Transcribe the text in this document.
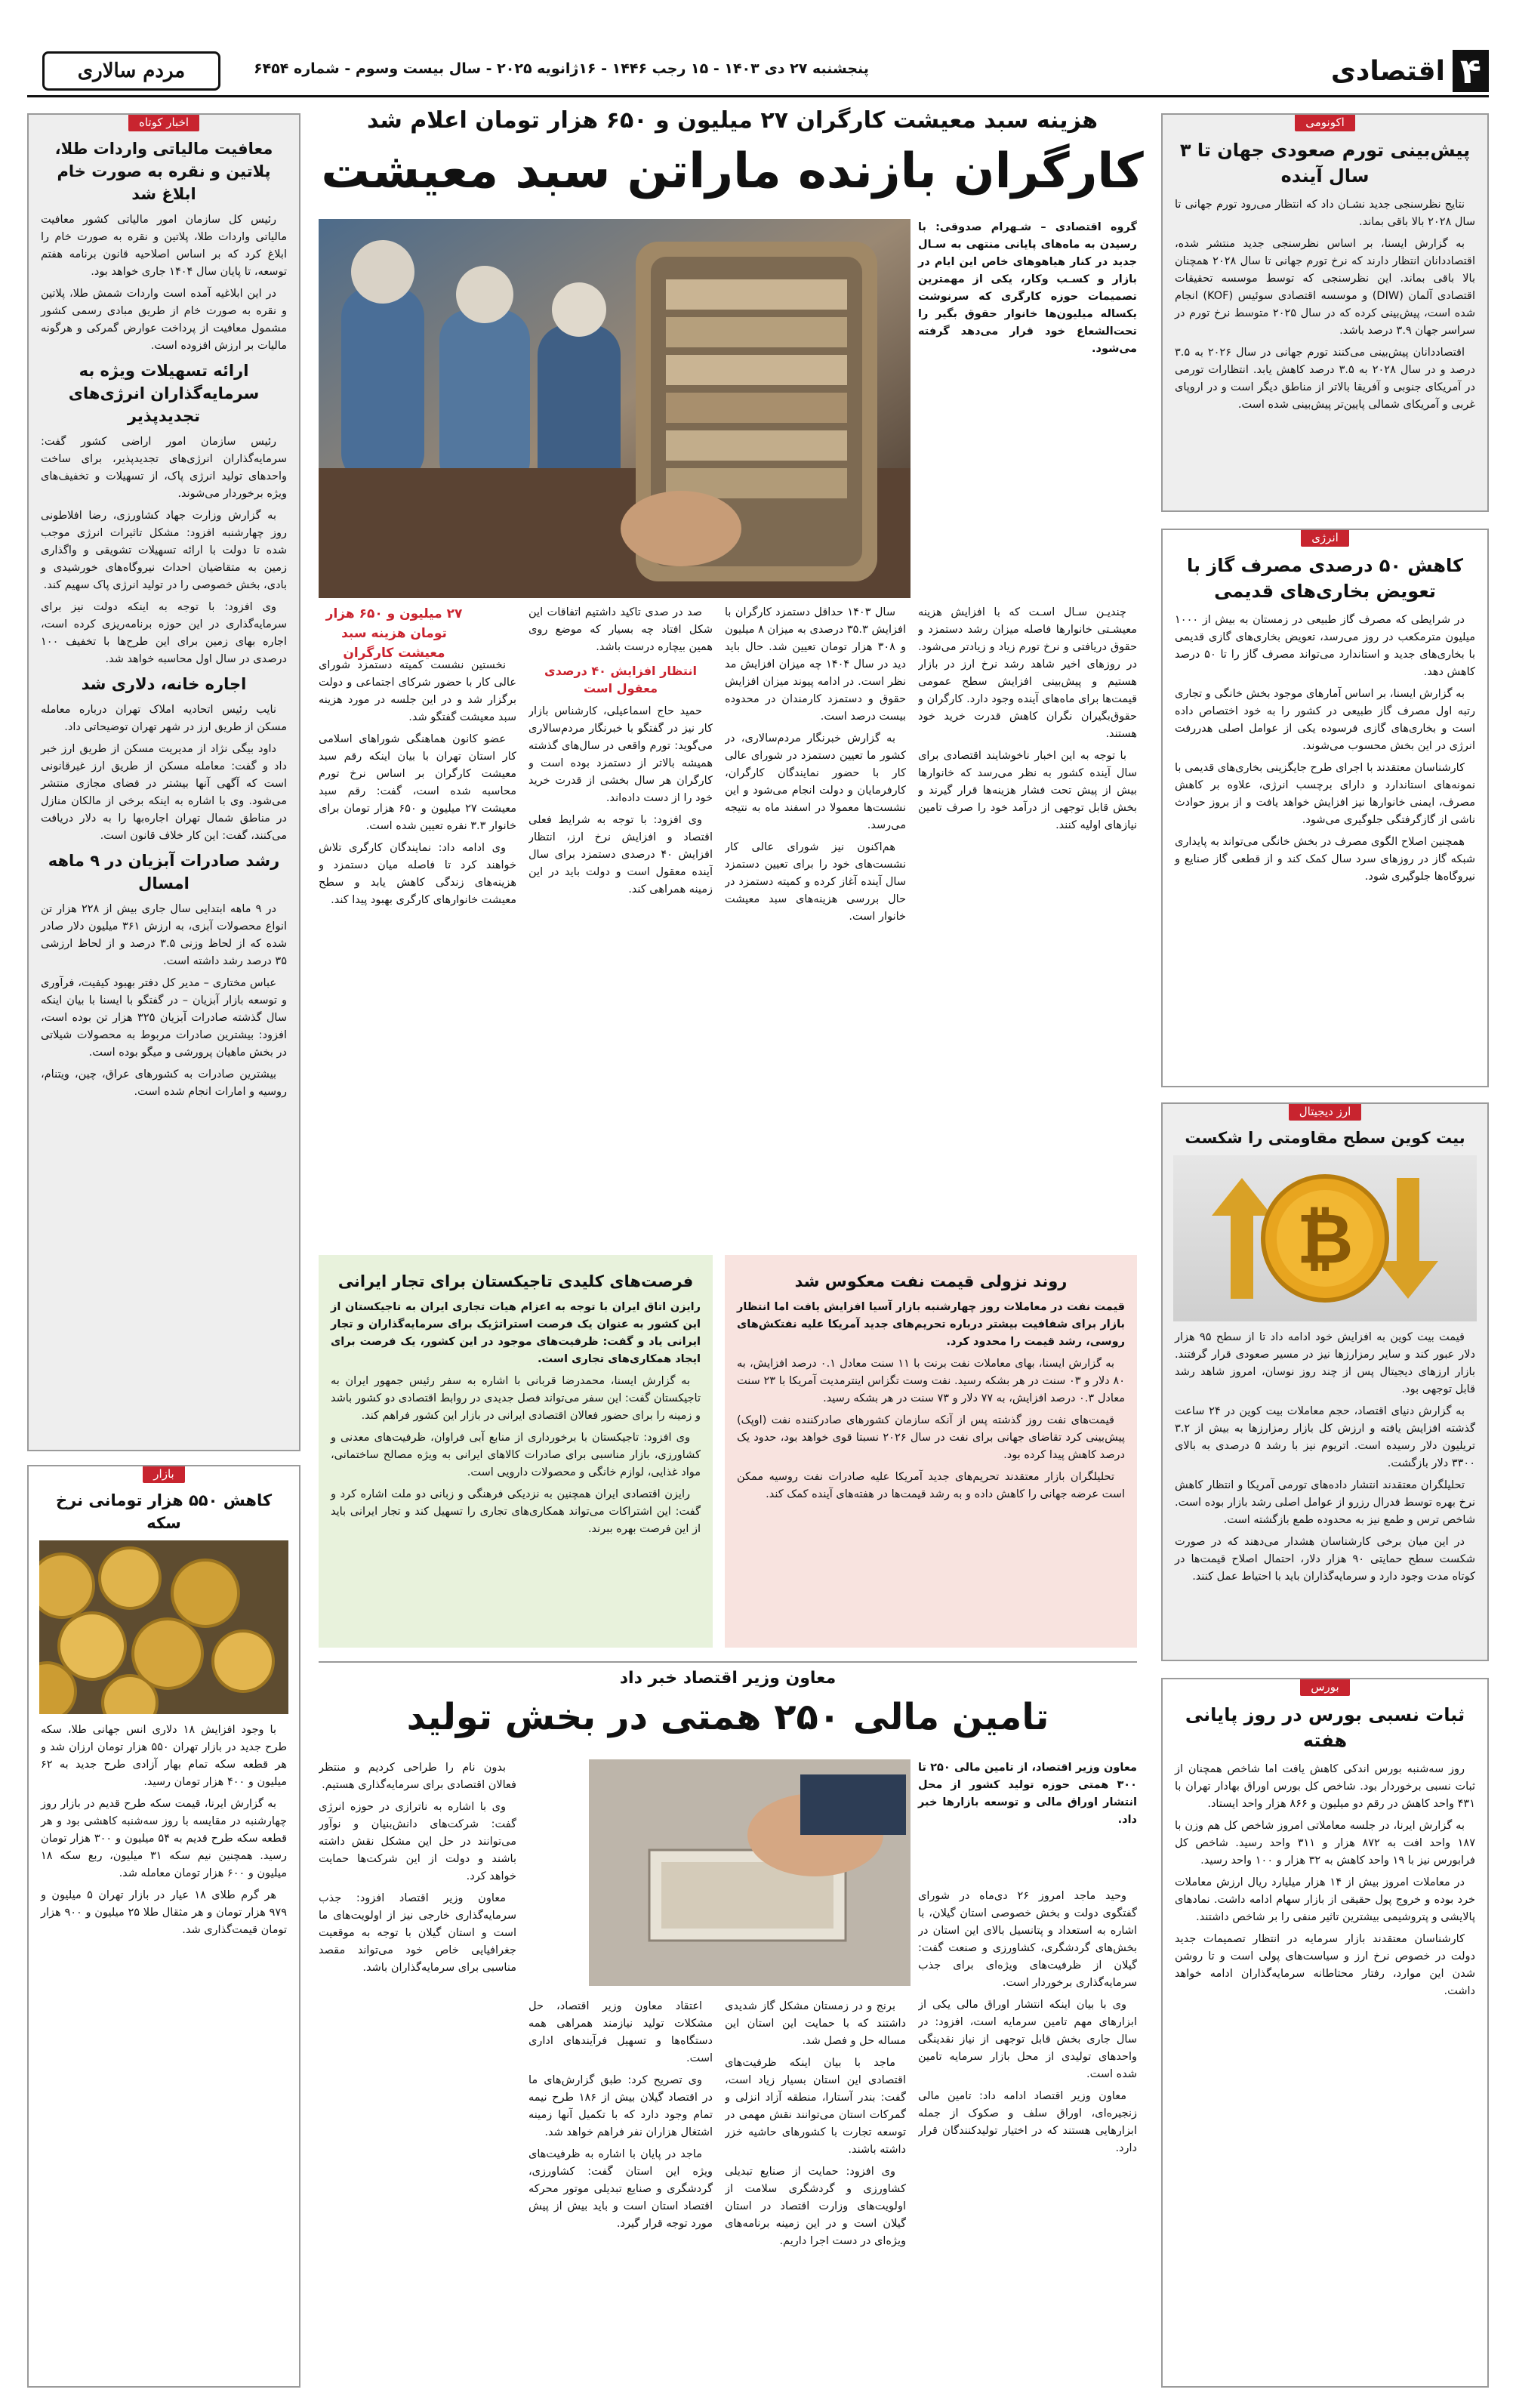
۴
اقتصادی
پنجشنبه ۲۷ دی ۱۴۰۳ - ۱۵ رجب ۱۴۴۶ - ۱۶ژانویه ۲۰۲۵ - سال بیست وسوم - شماره ۶۴۵۴
مردم سالاری
اکونومی
پیش‌بینی تورم صعودی جهان تا ۳ سال آینده

نتایج نظرسنجی جدید نشـان داد که انتظار می‌رود تورم جهانی تا سال ۲۰۲۸ بالا باقی بماند.

به گزارش ایسنا، بر اساس نظرسنجی جدید منتشر شده، اقتصاددانان انتظار دارند که نرخ تورم جهانی تا سال ۲۰۲۸ همچنان بالا باقی بماند. این نظرسنجی که توسط موسسه تحقیقات اقتصادی آلمان (DIW) و موسسه اقتصادی سوئیس (KOF) انجام شده است، پیش‌بینی کرده که در سال ۲۰۲۵ متوسط نرخ تورم در سراسر جهان ۳.۹ درصد باشد.

اقتصاددانان پیش‌بینی می‌کنند تورم جهانی در سال ۲۰۲۶ به ۳.۵ درصد و در سال ۲۰۲۸ به ۳.۵ درصد کاهش یابد. انتظارات تورمی در آمریکای جنوبی و آفریقا بالاتر از مناطق دیگر است و در اروپای غربی و آمریکای شمالی پایین‌تر پیش‌بینی شده است.

انرژی
کاهش ۵۰ درصدی مصرف گاز با تعویض بخاری‌های قدیمی

در شرایطی که مصرف گاز طبیعی در زمستان به بیش از ۱۰۰۰ میلیون مترمکعب در روز می‌رسد، تعویض بخاری‌های گازی قدیمی با بخاری‌های جدید و استاندارد می‌تواند مصرف گاز را تا ۵۰ درصد کاهش دهد.

به گزارش ایسنا، بر اساس آمارهای موجود بخش خانگی و تجاری رتبه اول مصرف گاز طبیعی در کشور را به خود اختصاص داده است و بخاری‌های گازی فرسوده یکی از عوامل اصلی هدررفت انرژی در این بخش محسوب می‌شوند.

کارشناسان معتقدند با اجرای طرح جایگزینی بخاری‌های قدیمی با نمونه‌های استاندارد و دارای برچسب انرژی، علاوه بر کاهش مصرف، ایمنی خانوارها نیز افزایش خواهد یافت و از بروز حوادث ناشی از گازگرفتگی جلوگیری می‌شود.

همچنین اصلاح الگوی مصرف در بخش خانگی می‌تواند به پایداری شبکه گاز در روزهای سرد سال کمک کند و از قطعی گاز صنایع و نیروگاه‌ها جلوگیری شود.

ارز دیجیتال
بیت کوین سطح مقاومتی را شکست
₿

قیمت بیت کوین به افزایش خود ادامه داد تا از سطح ۹۵ هزار دلار عبور کند و سایر رمزارزها نیز در مسیر صعودی قرار گرفتند. بازار ارزهای دیجیتال پس از چند روز نوسان، امروز شاهد رشد قابل توجهی بود.

به گزارش دنیای اقتصاد، حجم معاملات بیت کوین در ۲۴ ساعت گذشته افزایش یافته و ارزش کل بازار رمزارزها به بیش از ۳.۲ تریلیون دلار رسیده است. اتریوم نیز با رشد ۵ درصدی به بالای ۳۳۰۰ دلار بازگشت.

تحلیلگران معتقدند انتشار داده‌های تورمی آمریکا و انتظار کاهش نرخ بهره توسط فدرال رزرو از عوامل اصلی رشد بازار بوده است. شاخص ترس و طمع نیز به محدوده طمع بازگشته است.

در این میان برخی کارشناسان هشدار می‌دهند که در صورت شکست سطح حمایتی ۹۰ هزار دلار، احتمال اصلاح قیمت‌ها در کوتاه مدت وجود دارد و سرمایه‌گذاران باید با احتیاط عمل کنند.

بورس
ثبات نسبی بورس در روز پایانی هفته

روز سه‌شنبه بورس اندکی کاهش یافت اما شاخص همچنان از ثبات نسبی برخوردار بود. شاخص کل بورس اوراق بهادار تهران با ۴۳۱ واحد کاهش در رقم دو میلیون و ۸۶۶ هزار واحد ایستاد.

به گزارش ایرنا، در جلسه معاملاتی امروز شاخص کل هم وزن با ۱۸۷ واحد افت به ۸۷۲ هزار و ۳۱۱ واحد رسید. شاخص کل فرابورس نیز با ۱۹ واحد کاهش به ۳۲ هزار و ۱۰۰ واحد رسید.

در معاملات امروز بیش از ۱۴ هزار میلیارد ریال ارزش معاملات خرد بوده و خروج پول حقیقی از بازار سهام ادامه داشت. نمادهای پالایشی و پتروشیمی بیشترین تاثیر منفی را بر شاخص داشتند.

کارشناسان معتقدند بازار سرمایه در انتظار تصمیمات جدید دولت در خصوص نرخ ارز و سیاست‌های پولی است و تا روشن شدن این موارد، رفتار محتاطانه سرمایه‌گذاران ادامه خواهد داشت.

هزینه سبد معیشت کارگران ۲۷ میلیون و ۶۵۰ هزار تومان اعلام شد
کارگران بازنده ماراتن سبد معیشت
گروه اقتصادی – شـهرام صدوقی: با رسیدن به ماه‌های پایانی منتهی به سـال جدید در کنار هیاهوهای خاص این ایام در بازار و کسـب وکار، یکی از مهمترین تصمیمات حوزه کارگری که سرنوشت یکساله میلیون‌ها خانوار حقوق بگیر را تحت‌الشعاع خود قرار می‌دهد گرفته می‌شود.
۲۷ میلیون و ۶۵۰ هزار تومان هزینه سبد معیشت کارگران

چندیـن سـال اسـت که با افزایش هزینه معیشـتی خانوارها فاصله میزان رشد دستمزد و حقوق دریافتی و نرخ تورم زیاد و زیادتر می‌شود. در روزهای اخیر شاهد رشد نرخ ارز در بازار هستیم و پیش‌بینی افزایش سطح عمومی قیمت‌ها برای ماه‌های آینده وجود دارد. کارگران و حقوق‌بگیران نگران کاهش قدرت خرید خود هستند.

با توجه به این اخبار ناخوشایند اقتصادی برای سال آینده کشور به نظر می‌رسد که خانوارها بیش از پیش تحت فشار هزینه‌ها قرار گیرند و بخش قابل توجهی از درآمد خود را صرف تامین نیازهای اولیه کنند.

سال ۱۴۰۳ حداقل دستمزد کارگران با افزایش ۳۵.۳ درصدی به میزان ۸ میلیون و ۳۰۸ هزار تومان تعیین شد. حال باید دید در سال ۱۴۰۴ چه میزان افزایش مد نظر است. در ادامه پیوند میزان افزایش حقوق و دستمزد کارمندان در محدوده بیست درصد است.

به گزارش خبرنگار مردم‌سالاری، در کشور ما تعیین دستمزد در شورای عالی کار با حضور نمایندگان کارگران، کارفرمایان و دولت انجام می‌شود و این نشست‌ها معمولا در اسفند ماه به نتیجه می‌رسد.

هم‌اکنون نیز شورای عالی کار نشست‌های خود را برای تعیین دستمزد سال آینده آغاز کرده و کمیته دستمزد در حال بررسی هزینه‌های سبد معیشت خانوار است.

صد در صدی تاکید داشتیم اتفاقات این شکل افتاد چه بسیار که موضع روی همین بیچاره درست باشد.

انتظار افزایش ۴۰ درصدی معقول است

حمید حاج اسماعیلی، کارشناس بازار کار نیز در گفتگو با خبرنگار مردم‌سالاری می‌گوید: تورم واقعی در سال‌های گذشته همیشه بالاتر از دستمزد بوده است و کارگران هر سال بخشی از قدرت خرید خود را از دست داده‌اند.

وی افزود: با توجه به شرایط فعلی اقتصاد و افزایش نرخ ارز، انتظار افزایش ۴۰ درصدی دستمزد برای سال آینده معقول است و دولت باید در این زمینه همراهی کند.

نخستین نشست کمیته دستمزد شورای عالی کار با حضور شرکای اجتماعی و دولت برگزار شد و در این جلسه در مورد هزینه سبد معیشت گفتگو شد.

عضو کانون هماهنگی شوراهای اسلامی کار استان تهران با بیان اینکه رقم سبد معیشت کارگران بر اساس نرخ تورم محاسبه شده است، گفت: رقم سبد معیشت ۲۷ میلیون و ۶۵۰ هزار تومان برای خانوار ۳.۳ نفره تعیین شده است.

وی ادامه داد: نمایندگان کارگری تلاش خواهند کرد تا فاصله میان دستمزد و هزینه‌های زندگی کاهش یابد و سطح معیشت خانوارهای کارگری بهبود پیدا کند.

روند نزولی قیمت نفت معکوس شد
قیمت نفت در معاملات روز چهارشنبه بازار آسیا افزایش یافت اما انتظار بازار برای شفافیت بیشتر درباره تحریم‌های جدید آمریکا علیه نفتکش‌های روسی، رشد قیمت را محدود کرد.

به گزارش ایسنا، بهای معاملات نفت برنت با ۱۱ سنت معادل ۰.۱ درصد افزایش، به ۸۰ دلار و ۰۳ سنت در هر بشکه رسید. نفت وست تگزاس اینترمدیت آمریکا با ۲۳ سنت معادل ۰.۳ درصد افزایش، به ۷۷ دلار و ۷۳ سنت در هر بشکه رسید.

قیمت‌های نفت روز گذشته پس از آنکه سازمان کشورهای صادرکننده نفت (اوپک) پیش‌بینی کرد تقاضای جهانی برای نفت در سال ۲۰۲۶ نسبتا قوی خواهد بود، حدود یک درصد کاهش پیدا کرده بود.

تحلیلگران بازار معتقدند تحریم‌های جدید آمریکا علیه صادرات نفت روسیه ممکن است عرضه جهانی را کاهش داده و به رشد قیمت‌ها در هفته‌های آینده کمک کند.

فرصت‌های کلیدی تاجیکستان برای تجار ایرانی
رایزن اتاق ایران با توجه به اعزام هیات تجاری ایران به تاجیکستان از این کشور به عنوان یک فرصت استراتژیک برای سرمایه‌گذاران و تجار ایرانی یاد و گفت: ظرفیت‌های موجود در این کشور، یک فرصت برای ایجاد همکاری‌های تجاری است.

به گزارش ایسنا، محمدرضا قربانی با اشاره به سفر رئیس جمهور ایران به تاجیکستان گفت: این سفر می‌تواند فصل جدیدی در روابط اقتصادی دو کشور باشد و زمینه را برای حضور فعالان اقتصادی ایرانی در بازار این کشور فراهم کند.

وی افزود: تاجیکستان با برخورداری از منابع آبی فراوان، ظرفیت‌های معدنی و کشاورزی، بازار مناسبی برای صادرات کالاهای ایرانی به ویژه مصالح ساختمانی، مواد غذایی، لوازم خانگی و محصولات دارویی است.

رایزن اقتصادی ایران همچنین به نزدیکی فرهنگی و زبانی دو ملت اشاره کرد و گفت: این اشتراکات می‌تواند همکاری‌های تجاری را تسهیل کند و تجار ایرانی باید از این فرصت بهره ببرند.

معاون وزیر اقتصاد خبر داد
تامین مالی ۲۵۰ همتی در بخش تولید
معاون وزیر اقتصاد، از تامین مالی ۲۵۰ تا ۳۰۰ همتی حوزه تولید کشور از محل انتشار اوراق مالی و توسعه بازارها خبر داد.

وحید ماجد امروز ۲۶ دی‌ماه در شورای گفتگوی دولت و بخش خصوصی استان گیلان، با اشاره به استعداد و پتانسیل بالای این استان در بخش‌های گردشگری، کشاورزی و صنعت گفت: گیلان از ظرفیت‌های ویژه‌ای برای جذب سرمایه‌گذاری برخوردار است.

وی با بیان اینکه انتشار اوراق مالی یکی از ابزارهای مهم تامین سرمایه است، افزود: در سال جاری بخش قابل توجهی از نیاز نقدینگی واحدهای تولیدی از محل بازار سرمایه تامین شده است.

معاون وزیر اقتصاد ادامه داد: تامین مالی زنجیره‌ای، اوراق سلف و صکوک از جمله ابزارهایی هستند که در اختیار تولیدکنندگان قرار دارد.

برنج و در زمستان مشکل گاز شدیدی داشتند که با حمایت این استان این مساله حل و فصل شد.

ماجد با بیان اینکه ظرفیت‌های اقتصادی این استان بسیار زیاد است، گفت: بندر آستارا، منطقه آزاد انزلی و گمرکات استان می‌توانند نقش مهمی در توسعه تجارت با کشورهای حاشیه خزر داشته باشند.

وی افزود: حمایت از صنایع تبدیلی کشاورزی و گردشگری سلامت از اولویت‌های وزارت اقتصاد در استان گیلان است و در این زمینه برنامه‌های ویژه‌ای در دست اجرا داریم.

اعتقاد معاون وزیر اقتصاد، حل مشکلات تولید نیازمند همراهی همه دستگاه‌ها و تسهیل فرآیندهای اداری است.

وی تصریح کرد: طبق گزارش‌های ما در اقتصاد گیلان بیش از ۱۸۶ طرح نیمه تمام وجود دارد که با تکمیل آنها زمینه اشتغال هزاران نفر فراهم خواهد شد.

ماجد در پایان با اشاره به ظرفیت‌های ویژه این استان گفت: کشاورزی، گردشگری و صنایع تبدیلی موتور محرکه اقتصاد استان است و باید بیش از پیش مورد توجه قرار گیرد.

بدون نام را طراحی کردیم و منتظر فعالان اقتصادی برای سرمایه‌گذاری هستیم.

وی با اشاره به ناترازی در حوزه انرژی گفت: شرکت‌های دانش‌بنیان و نوآور می‌توانند در حل این مشکل نقش داشته باشند و دولت از این شرکت‌ها حمایت خواهد کرد.

معاون وزیر اقتصاد افزود: جذب سرمایه‌گذاری خارجی نیز از اولویت‌های ما است و استان گیلان با توجه به موقعیت جغرافیایی خاص خود می‌تواند مقصد مناسبی برای سرمایه‌گذاران باشد.

اخبار کوتاه
معافیت مالیاتی واردات طلا، پلاتین و نقره به صورت خام ابلاغ شد

رئیس کل سازمان امور مالیاتی کشور معافیت مالیاتی واردات طلا، پلاتین و نقره به صورت خام را ابلاغ کرد که بر اساس اصلاحیه قانون برنامه هفتم توسعه، تا پایان سال ۱۴۰۴ جاری خواهد بود.

در این ابلاغیه آمده است واردات شمش طلا، پلاتین و نقره به صورت خام از طریق مبادی رسمی کشور مشمول معافیت از پرداخت عوارض گمرکی و هرگونه مالیات بر ارزش افزوده است.

ارائه تسهیلات ویژه به سرمایه‌گذاران انرژی‌های تجدیدپذیر

رئیس سازمان امور اراضی کشور گفت: سرمایه‌گذاران انرژی‌های تجدیدپذیر، برای ساخت واحدهای تولید انرژی پاک، از تسهیلات و تخفیف‌های ویژه برخوردار می‌شوند.

به گزارش وزارت جهاد کشاورزی، رضا افلاطونی روز چهارشنبه افزود: مشکل تاثیرات انرژی موجب شده تا دولت با ارائه تسهیلات تشویقی و واگذاری زمین به متقاضیان احداث نیروگاه‌های خورشیدی و بادی، بخش خصوصی را در تولید انرژی پاک سهیم کند.

وی افزود: با توجه به اینکه دولت نیز برای سرمایه‌گذاری در این حوزه برنامه‌ریزی کرده است، اجاره بهای زمین برای این طرح‌ها با تخفیف ۱۰۰ درصدی در سال اول محاسبه خواهد شد.

اجاره خانه، دلاری شد

نایب رئیس اتحادیه املاک تهران درباره معامله مسکن از طریق ارز در شهر تهران توضیحاتی داد.

داود بیگی نژاد از مدیریت مسکن از طریق ارز خبر داد و گفت: معامله مسکن از طریق ارز غیرقانونی است که آگهی آنها بیشتر در فضای مجازی منتشر می‌شود. وی با اشاره به اینکه برخی از مالکان منازل در مناطق شمال تهران اجاره‌بها را به دلار دریافت می‌کنند، گفت: این کار خلاف قانون است.

رشد صادرات آبزیان در ۹ ماهه امسال

در ۹ ماهه ابتدایی سال جاری بیش از ۲۲۸ هزار تن انواع محصولات آبزی، به ارزش ۳۶۱ میلیون دلار صادر شده که از لحاظ وزنی ۳.۵ درصد و از لحاظ ارزشی ۳۵ درصد رشد داشته است.

عباس مختاری – مدیر کل دفتر بهبود کیفیت، فرآوری و توسعه بازار آبزیان – در گفتگو با ایسنا با بیان اینکه سال گذشته صادرات آبزیان ۳۲۵ هزار تن بوده است، افزود: بیشترین صادرات مربوط به محصولات شیلاتی در بخش ماهیان پرورشی و میگو بوده است.

بیشترین صادرات به کشورهای عراق، چین، ویتنام، روسیه و امارات انجام شده است.

بازار
کاهش ۵۵۰ هزار تومانی نرخ سکه

با وجود افزایش ۱۸ دلاری انس جهانی طلا، سکه طرح جدید در بازار تهران ۵۵۰ هزار تومان ارزان شد و هر قطعه سکه تمام بهار آزادی طرح جدید به ۶۲ میلیون و ۴۰۰ هزار تومان رسید.

به گزارش ایرنا، قیمت سکه طرح قدیم در بازار روز چهارشنبه در مقایسه با روز سه‌شنبه کاهشی بود و هر قطعه سکه طرح قدیم به ۵۴ میلیون و ۳۰۰ هزار تومان رسید. همچنین نیم سکه ۳۱ میلیون، ربع سکه ۱۸ میلیون و ۶۰۰ هزار تومان معامله شد.

هر گرم طلای ۱۸ عیار در بازار تهران ۵ میلیون و ۹۷۹ هزار تومان و هر مثقال طلا ۲۵ میلیون و ۹۰۰ هزار تومان قیمت‌گذاری شد.
